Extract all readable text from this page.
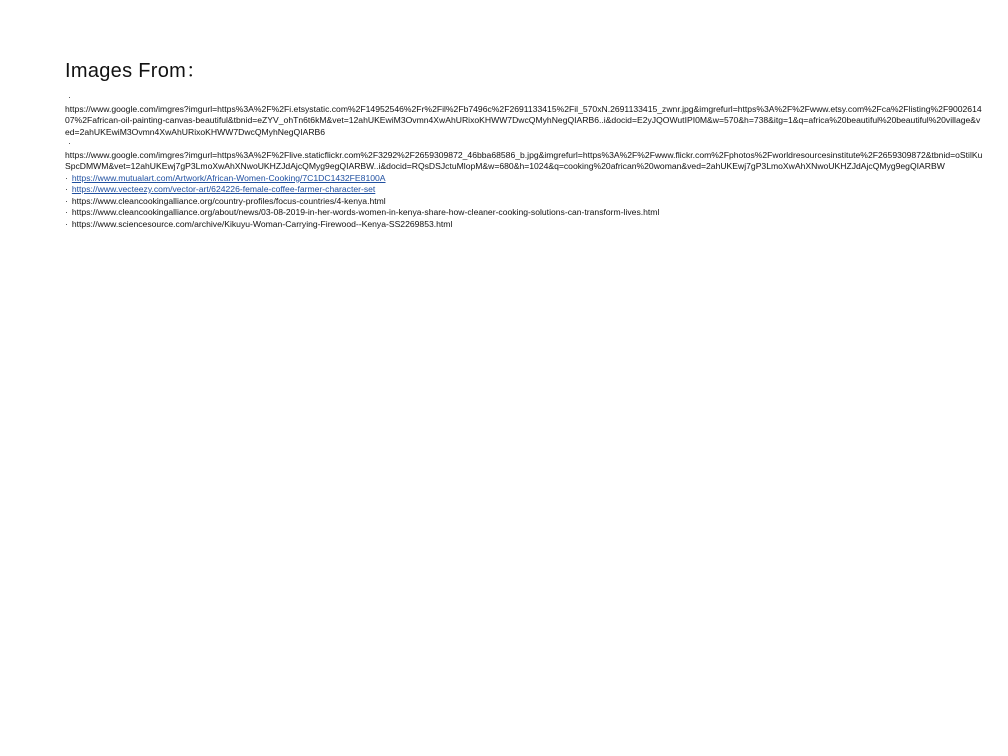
Images From：
·
https://www.google.com/imgres?imgurl=https%3A%2F%2Fi.etsystatic.com%2F14952546%2Fr%2Fil%2Fb7496c%2F2691133415%2Fil_570xN.2691133415_zwnr.jpg&imgrefurl=https%3A%2F%2Fwww.etsy.com%2Fca%2Flisting%2F900261407%2Fafrican-oil-painting-canvas-beautiful&tbnid=eZYV_ohTn6t6kM&vet=12ahUKEwiM3Ovmn4XwAhURixoKHWW7DwcQMyhNegQIARB6..i&docid=E2yJQOWutIPI0M&w=570&h=738&itg=1&q=africa%20beautiful%20beautiful%20village&ved=2ahUKEwiM3Ovmn4XwAhURixoKHWW7DwcQMyhNegQIARB6
·
https://www.google.com/imgres?imgurl=https%3A%2F%2Flive.staticflickr.com%2F3292%2F2659309872_46bba68586_b.jpg&imgrefurl=https%3A%2F%2Fwww.flickr.com%2Fphotos%2Fworldresourcesinstitute%2F2659309872&tbnid=oStilKuSpcDMWM&vet=12ahUKEwj7gP3LmoXwAhXNwoUKHZJdAjcQMyg9egQIARBW..i&docid=RQsDSJctuMlopM&w=680&h=1024&q=cooking%20african%20woman&ved=2ahUKEwj7gP3LmoXwAhXNwoUKHZJdAjcQMyg9egQIARBW
· https://www.mutualart.com/Artwork/African-Women-Cooking/7C1DC1432FE8100A
· https://www.vecteezy.com/vector-art/624226-female-coffee-farmer-character-set
· https://www.cleancookingalliance.org/country-profiles/focus-countries/4-kenya.html
· https://www.cleancookingalliance.org/about/news/03-08-2019-in-her-words-women-in-kenya-share-how-cleaner-cooking-solutions-can-transform-lives.html
· https://www.sciencesource.com/archive/Kikuyu-Woman-Carrying-Firewood--Kenya-SS2269853.html
